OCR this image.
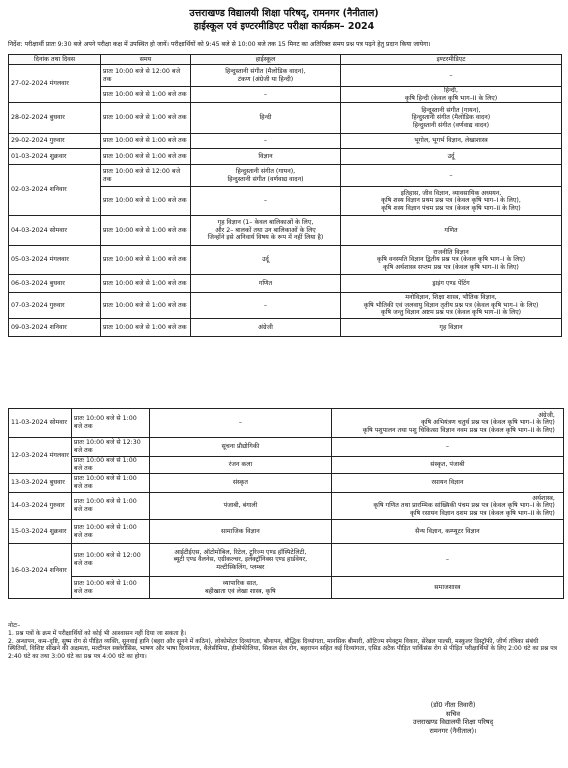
उत्तराखण्ड विद्यालयी शिक्षा परिषद्, रामनगर (नैनीताल)
हाईस्कूल एवं इण्टरमीडिएट परीक्षा कार्यक्रम– 2024
निर्देश: परीक्षार्थी प्रातः 9:30 बजे अपने परीक्षा कक्ष में उपस्थित हो जायें। परीक्षार्थियों को 9:45 बजे से 10:00 बजे तक 15 मिनट का अतिरिक्त समय प्रश्न पत्र पढ़ने हेतु प्रदान किया जायेगा।
दिनांक तथा दिवस	समय	हाईस्कूल	इण्टरमीडिएट
27-02-2024 मंगलवार	प्रातः 10:00 बजे से 12:00 बजे तक	हिन्दुस्तानी संगीत (मैलोडिक वादन),
टंकण (अंग्रेजी या हिन्दी)	–

	प्रातः 10:00 बजे से 1:00 बजे तक	–	हिन्दी,
कृषि हिन्दी (केवल कृषि भाग–II के लिए)

28-02-2024 बुधवार	प्रातः 10:00 बजे से 1:00 बजे तक	हिन्दी	हिन्दुस्तानी संगीत (गायन),
हिन्दुस्तानी संगीत (मैलोडिक वादन)
हिन्दुस्तानी संगीत (वर्णवाद्य वादन)

29-02-2024 गुरुवार	प्रातः 10:00 बजे से 1:00 बजे तक	–	भूगोल, भूगर्भ विज्ञान, लेखाशास्त्र

01-03-2024 शुक्रवार	प्रातः 10:00 बजे से 1:00 बजे तक	विज्ञान	उर्दू

02-03-2024 शनिवार	प्रातः 10:00 बजे से 12:00 बजे तक	हिन्दुस्तानी संगीत (गायन),
हिन्दुस्तानी संगीत (वर्णवाद्य वादन)	–

	प्रातः 10:00 बजे से 1:00 बजे तक	–	इतिहास, जीव विज्ञान, व्यावसायिक अध्ययन,
कृषि शस्य विज्ञान प्रथम प्रश्न पत्र (केवल कृषि भाग–I के लिए),
कृषि शस्य विज्ञान पंचम प्रश्न पत्र (केवल कृषि भाग–II के लिए)

04-03-2024 सोमवार	प्रातः 10:00 बजे से 1:00 बजे तक	गृह विज्ञान (1– केवल बालिकाओं के लिए,
और 2– बालकों तथा उन बालिकाओं के लिए
जिन्होंने इसे अनिवार्य विषय के रूप में नहीं लिया है)	गणित

05-03-2024 मंगलवार	प्रातः 10:00 बजे से 1:00 बजे तक	उर्दू	राजनीति विज्ञान
कृषि वनस्पति विज्ञान द्वितीय प्रश्न पत्र (केवल कृषि भाग–I के लिए)
कृषि अर्थशास्त्र सप्तम प्रश्न पत्र (केवल कृषि भाग–II के लिए)

06-03-2024 बुधवार	प्रातः 10:00 बजे से 1:00 बजे तक	गणित	ड्राइंग एण्ड पेंटिंग

07-03-2024 गुरुवार	प्रातः 10:00 बजे से 1:00 बजे तक	–	मनोविज्ञान, शिक्षा शास्त्र, भौतिक विज्ञान,
कृषि भौतिकी एवं जलवायु विज्ञान तृतीय प्रश्न पत्र (केवल कृषि भाग–I के लिए)
कृषि जन्तु विज्ञान अष्टम प्रश्न पत्र (केवल कृषि भाग–II के लिए)

09-03-2024 शनिवार	प्रातः 10:00 बजे से 1:00 बजे तक	अंग्रेजी	गृह विज्ञान
11-03-2024 सोमवार	प्रातः 10:00 बजे से 1:00 बजे तक	–	अंग्रेजी,
कृषि अभियंत्रण चतुर्थ प्रश्न पत्र (केवल कृषि भाग–I के लिए)
कृषि पशुपालन तथा पशु चिकित्सा विज्ञान नवम प्रश्न पत्र (केवल कृषि भाग–II के लिए)

12-03-2024 मंगलवार	प्रातः 10:00 बजे से 12:30 बजे तक	सूचना प्रौद्योगिकी	–

	प्रातः 10:00 बजे से 1:00 बजे तक	रंजन कला	संस्कृत, पंजाबी

13-03-2024 बुधवार	प्रातः 10:00 बजे से 1:00 बजे तक	संस्कृत	रसायन विज्ञान

14-03-2024 गुरुवार	प्रातः 10:00 बजे से 1:00 बजे तक	पंजाबी, बंगाली	अर्थशास्त्र,
कृषि गणित तथा प्रारम्भिक सांख्यिकी पंचम प्रश्न पत्र (केवल कृषि भाग–I के लिए)
कृषि रसायन विज्ञान दशम प्रश्न पत्र (केवल कृषि भाग–II के लिए)

15-03-2024 शुक्रवार	प्रातः 10:00 बजे से 1:00 बजे तक	सामाजिक विज्ञान	सैन्य विज्ञान, कम्प्यूटर विज्ञान

16-03-2024 शनिवार	प्रातः 10:00 बजे से 12:00 बजे तक	आईटीईएस, ऑटोमोबिल, रिटेल, टूरिज्म एण्ड हॉस्पिटेलिटी,
ब्यूटी एण्ड वैलनेस, एग्रीकल्चर, इलेक्ट्रॉनिक्स एण्ड हार्डवेयर,
मल्टीस्किलिंग, प्लम्बर	–

	प्रातः 10:00 बजे से 1:00 बजे तक	व्यापारिक सात,
बहीखाता एवं लेखा शास्त्र, कृषि	समाजशास्त्र
नोटः–
1. प्रश्न पत्रों के क्रम में परीक्षार्थियों को कोई भी आश्वासन नहीं दिया जा सकता है।
2. अन्धापन, कम–दृष्टि, सुष्म रोग से पीड़ित व्यक्ति, सुनवाई हानि (बहरा और सुनने में कठिन), लोकोमोटर दिव्यांगता, बौनापन, बौद्धिक दिव्यांगता, मानसिक बीमारी, ऑटिज्म स्पेक्ट्रम विकार, सेरेब्रल पाल्सी, मस्कुलर डिस्ट्रॉफी, जीर्ण तंत्रिका संबंधी स्थितियाँ, विशिष्ट सीखने की अक्षमता, मल्टीपल स्क्लेरोसिस, भाषण और भाषा दिव्यांगता, थैलेसीमिया, हीमोफीलिया, सिकल सेल रोग, बहरापन सहित कई दिव्यांगता, एसिड अटैक पीड़ित पार्किंसंस रोग से पीड़ित परीक्षार्थियों के लिए 2:00 घंटे का प्रश्न पत्र 2:40 घंटे का तथा 3:00 घंटे का प्रश्न पत्र 4:00 घंटे का होगा।
(डॉ0 नीता तिवारी)
सचिव
उत्तराखण्ड विद्यालयी शिक्षा परिषद्
रामनगर (नैनीताल)।
